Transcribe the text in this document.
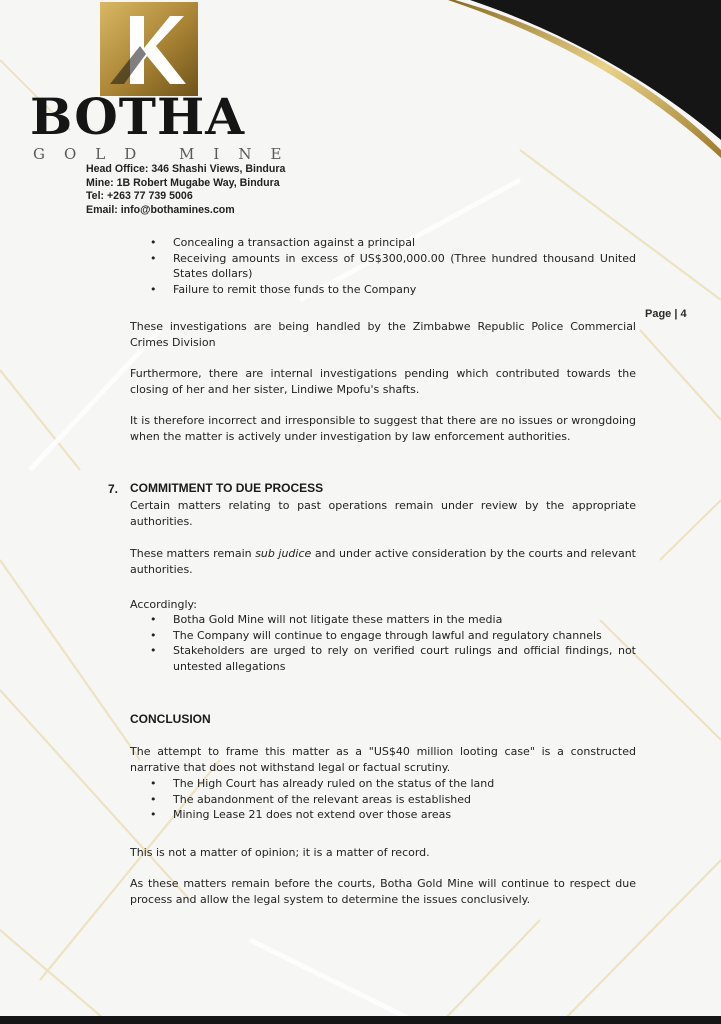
BOTHA
GOLD MINE
Head Office: 346 Shashi Views, Bindura
Mine: 1B Robert Mugabe Way, Bindura
Tel: +263 77 739 5006
Email: info@bothamines.com
Page | 4
• Concealing a transaction against a principal
• Receiving amounts in excess of US$300,000.00 (Three hundred thousand United States dollars)
• Failure to remit those funds to the Company
These investigations are being handled by the Zimbabwe Republic Police Commercial Crimes Division
Furthermore, there are internal investigations pending which contributed towards the closing of her and her sister, Lindiwe Mpofu's shafts.
It is therefore incorrect and irresponsible to suggest that there are no issues or wrongdoing when the matter is actively under investigation by law enforcement authorities.
7. COMMITMENT TO DUE PROCESS
Certain matters relating to past operations remain under review by the appropriate authorities.
These matters remain sub judice and under active consideration by the courts and relevant authorities.
Accordingly:
• Botha Gold Mine will not litigate these matters in the media
• The Company will continue to engage through lawful and regulatory channels
• Stakeholders are urged to rely on verified court rulings and official findings, not untested allegations
CONCLUSION
The attempt to frame this matter as a "US$40 million looting case" is a constructed narrative that does not withstand legal or factual scrutiny.
• The High Court has already ruled on the status of the land
• The abandonment of the relevant areas is established
• Mining Lease 21 does not extend over those areas
This is not a matter of opinion; it is a matter of record.
As these matters remain before the courts, Botha Gold Mine will continue to respect due process and allow the legal system to determine the issues conclusively.
